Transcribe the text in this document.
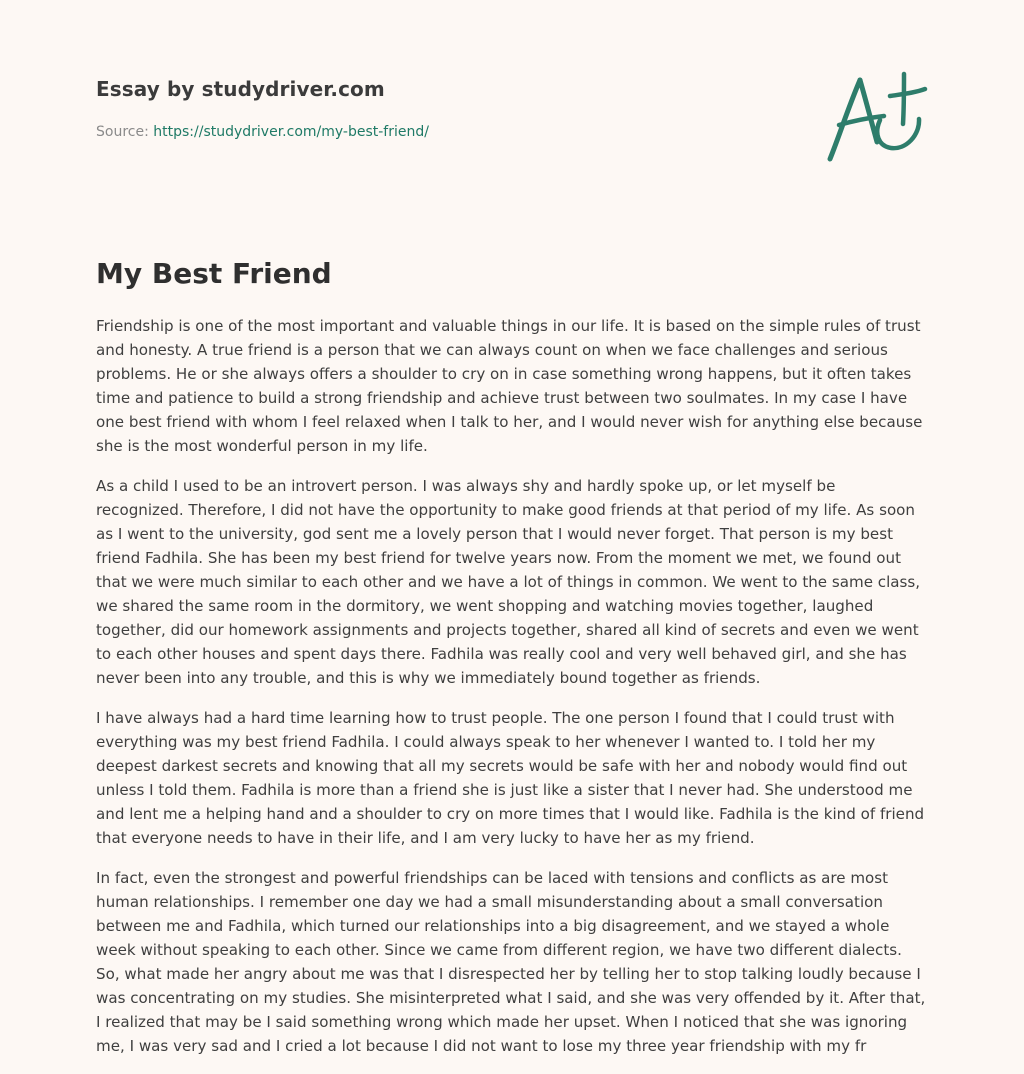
Essay by studydriver.com
Source: https://studydriver.com/my-best-friend/
My Best Friend

Friendship is one of the most important and valuable things in our life. It is based on the simple rules of trust and honesty. A true friend is a person that we can always count on when we face challenges and serious problems. He or she always offers a shoulder to cry on in case something wrong happens, but it often takes time and patience to build a strong friendship and achieve trust between two soulmates. In my case I have one best friend with whom I feel relaxed when I talk to her, and I would never wish for anything else because she is the most wonderful person in my life.

As a child I used to be an introvert person. I was always shy and hardly spoke up, or let myself be recognized. Therefore, I did not have the opportunity to make good friends at that period of my life. As soon as I went to the university, god sent me a lovely person that I would never forget. That person is my best friend Fadhila. She has been my best friend for twelve years now. From the moment we met, we found out that we were much similar to each other and we have a lot of things in common. We went to the same class, we shared the same room in the dormitory, we went shopping and watching movies together, laughed together, did our homework assignments and projects together, shared all kind of secrets and even we went to each other houses and spent days there. Fadhila was really cool and very well behaved girl, and she has never been into any trouble, and this is why we immediately bound together as friends.

I have always had a hard time learning how to trust people. The one person I found that I could trust with everything was my best friend Fadhila. I could always speak to her whenever I wanted to. I told her my deepest darkest secrets and knowing that all my secrets would be safe with her and nobody would find out unless I told them. Fadhila is more than a friend she is just like a sister that I never had. She understood me and lent me a helping hand and a shoulder to cry on more times that I would like. Fadhila is the kind of friend that everyone needs to have in their life, and I am very lucky to have her as my friend.

In fact, even the strongest and powerful friendships can be laced with tensions and conflicts as are most human relationships. I remember one day we had a small misunderstanding about a small conversation between me and Fadhila, which turned our relationships into a big disagreement, and we stayed a whole week without speaking to each other. Since we came from different region, we have two different dialects. So, what made her angry about me was that I disrespected her by telling her to stop talking loudly because I was concentrating on my studies. She misinterpreted what I said, and she was very offended by it. After that, I realized that may be I said something wrong which made her upset. When I noticed that she was ignoring me, I was very sad and I cried a lot because I did not want to lose my three year friendship with my fr
